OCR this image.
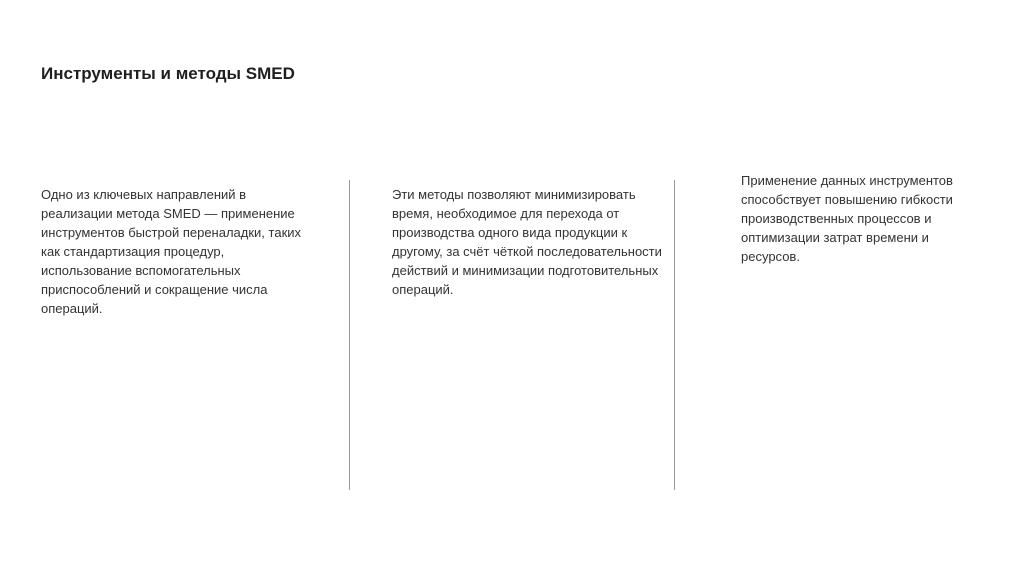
Инструменты и методы SMED

Одно из ключевых направлений в реализации метода SMED — применение инструментов быстрой переналадки, таких как стандартизация процедур, использование вспомогательных приспособлений и сокращение числа операций.

Эти методы позволяют минимизировать время, необходимое для перехода от производства одного вида продукции к другому, за счёт чёткой последовательности действий и минимизации подготовительных операций.

Применение данных инструментов способствует повышению гибкости производственных процессов и оптимизации затрат времени и ресурсов.
